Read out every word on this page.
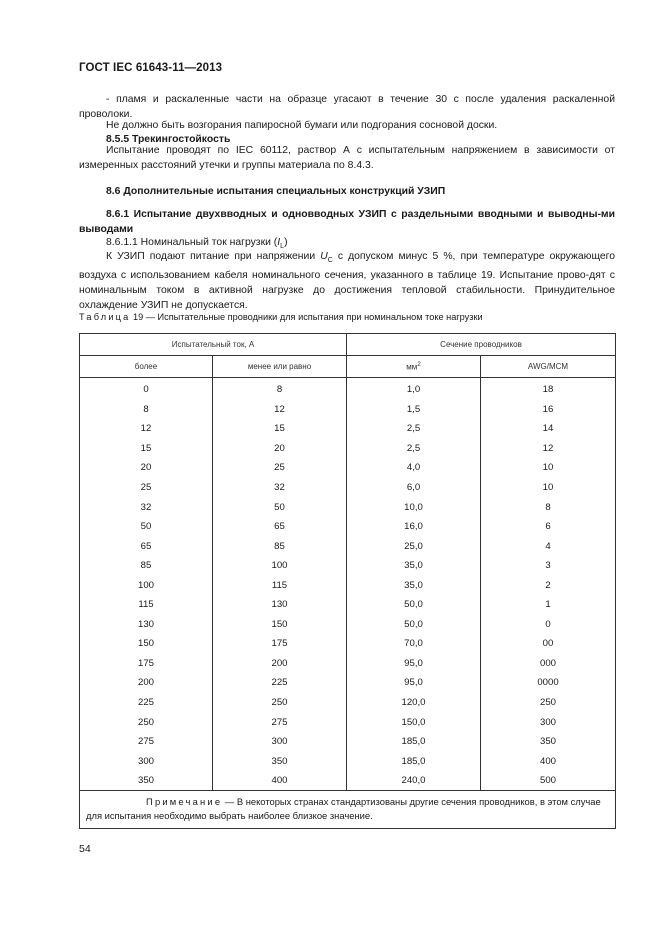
ГОСТ IEC 61643-11—2013
- пламя и раскаленные части на образце угасают в течение 30 с после удаления раскаленной проволоки.
Не должно быть возгорания папиросной бумаги или подгорания сосновой доски.
8.5.5 Трекингостойкость
Испытание проводят по IEC 60112, раствор А с испытательным напряжением в зависимости от измеренных расстояний утечки и группы материала по 8.4.3.
8.6 Дополнительные испытания специальных конструкций УЗИП
8.6.1 Испытание двухвводных и одновводных УЗИП с раздельными вводными и выводны-ми выводами
8.6.1.1 Номинальный ток нагрузки $(I_L)$
К УЗИП подают питание при напряжении $U_C$ с допуском минус 5 %, при температуре окружающего воздуха с использованием кабеля номинального сечения, указанного в таблице 19. Испытание прово-дят с номинальным током в активной нагрузке до достижения тепловой стабильности. Принудительное охлаждение УЗИП не допускается.
Таблица 19 — Испытательные проводники для испытания при номинальном токе нагрузки
Испытательный ток, А		Сечение проводников	
более	менее или равно	$мм^2$	AWG/MCM
0	8	1,0	18
8	12	1,5	16
12	15	2,5	14
15	20	2,5	12
20	25	4,0	10
25	32	6,0	10
32	50	10,0	8
50	65	16,0	6
65	85	25,0	4
85	100	35,0	3
100	115	35,0	2
115	130	50,0	1
130	150	50,0	0
150	175	70,0	00
175	200	95,0	000
200	225	95,0	0000
225	250	120,0	250
250	275	150,0	300
275	300	185,0	350
300	350	185,0	400
350	400	240,0	500
Примечание — В некоторых странах стандартизованы другие сечения проводников, в этом случае для испытания необходимо выбрать наиболее близкое значение.			
54
